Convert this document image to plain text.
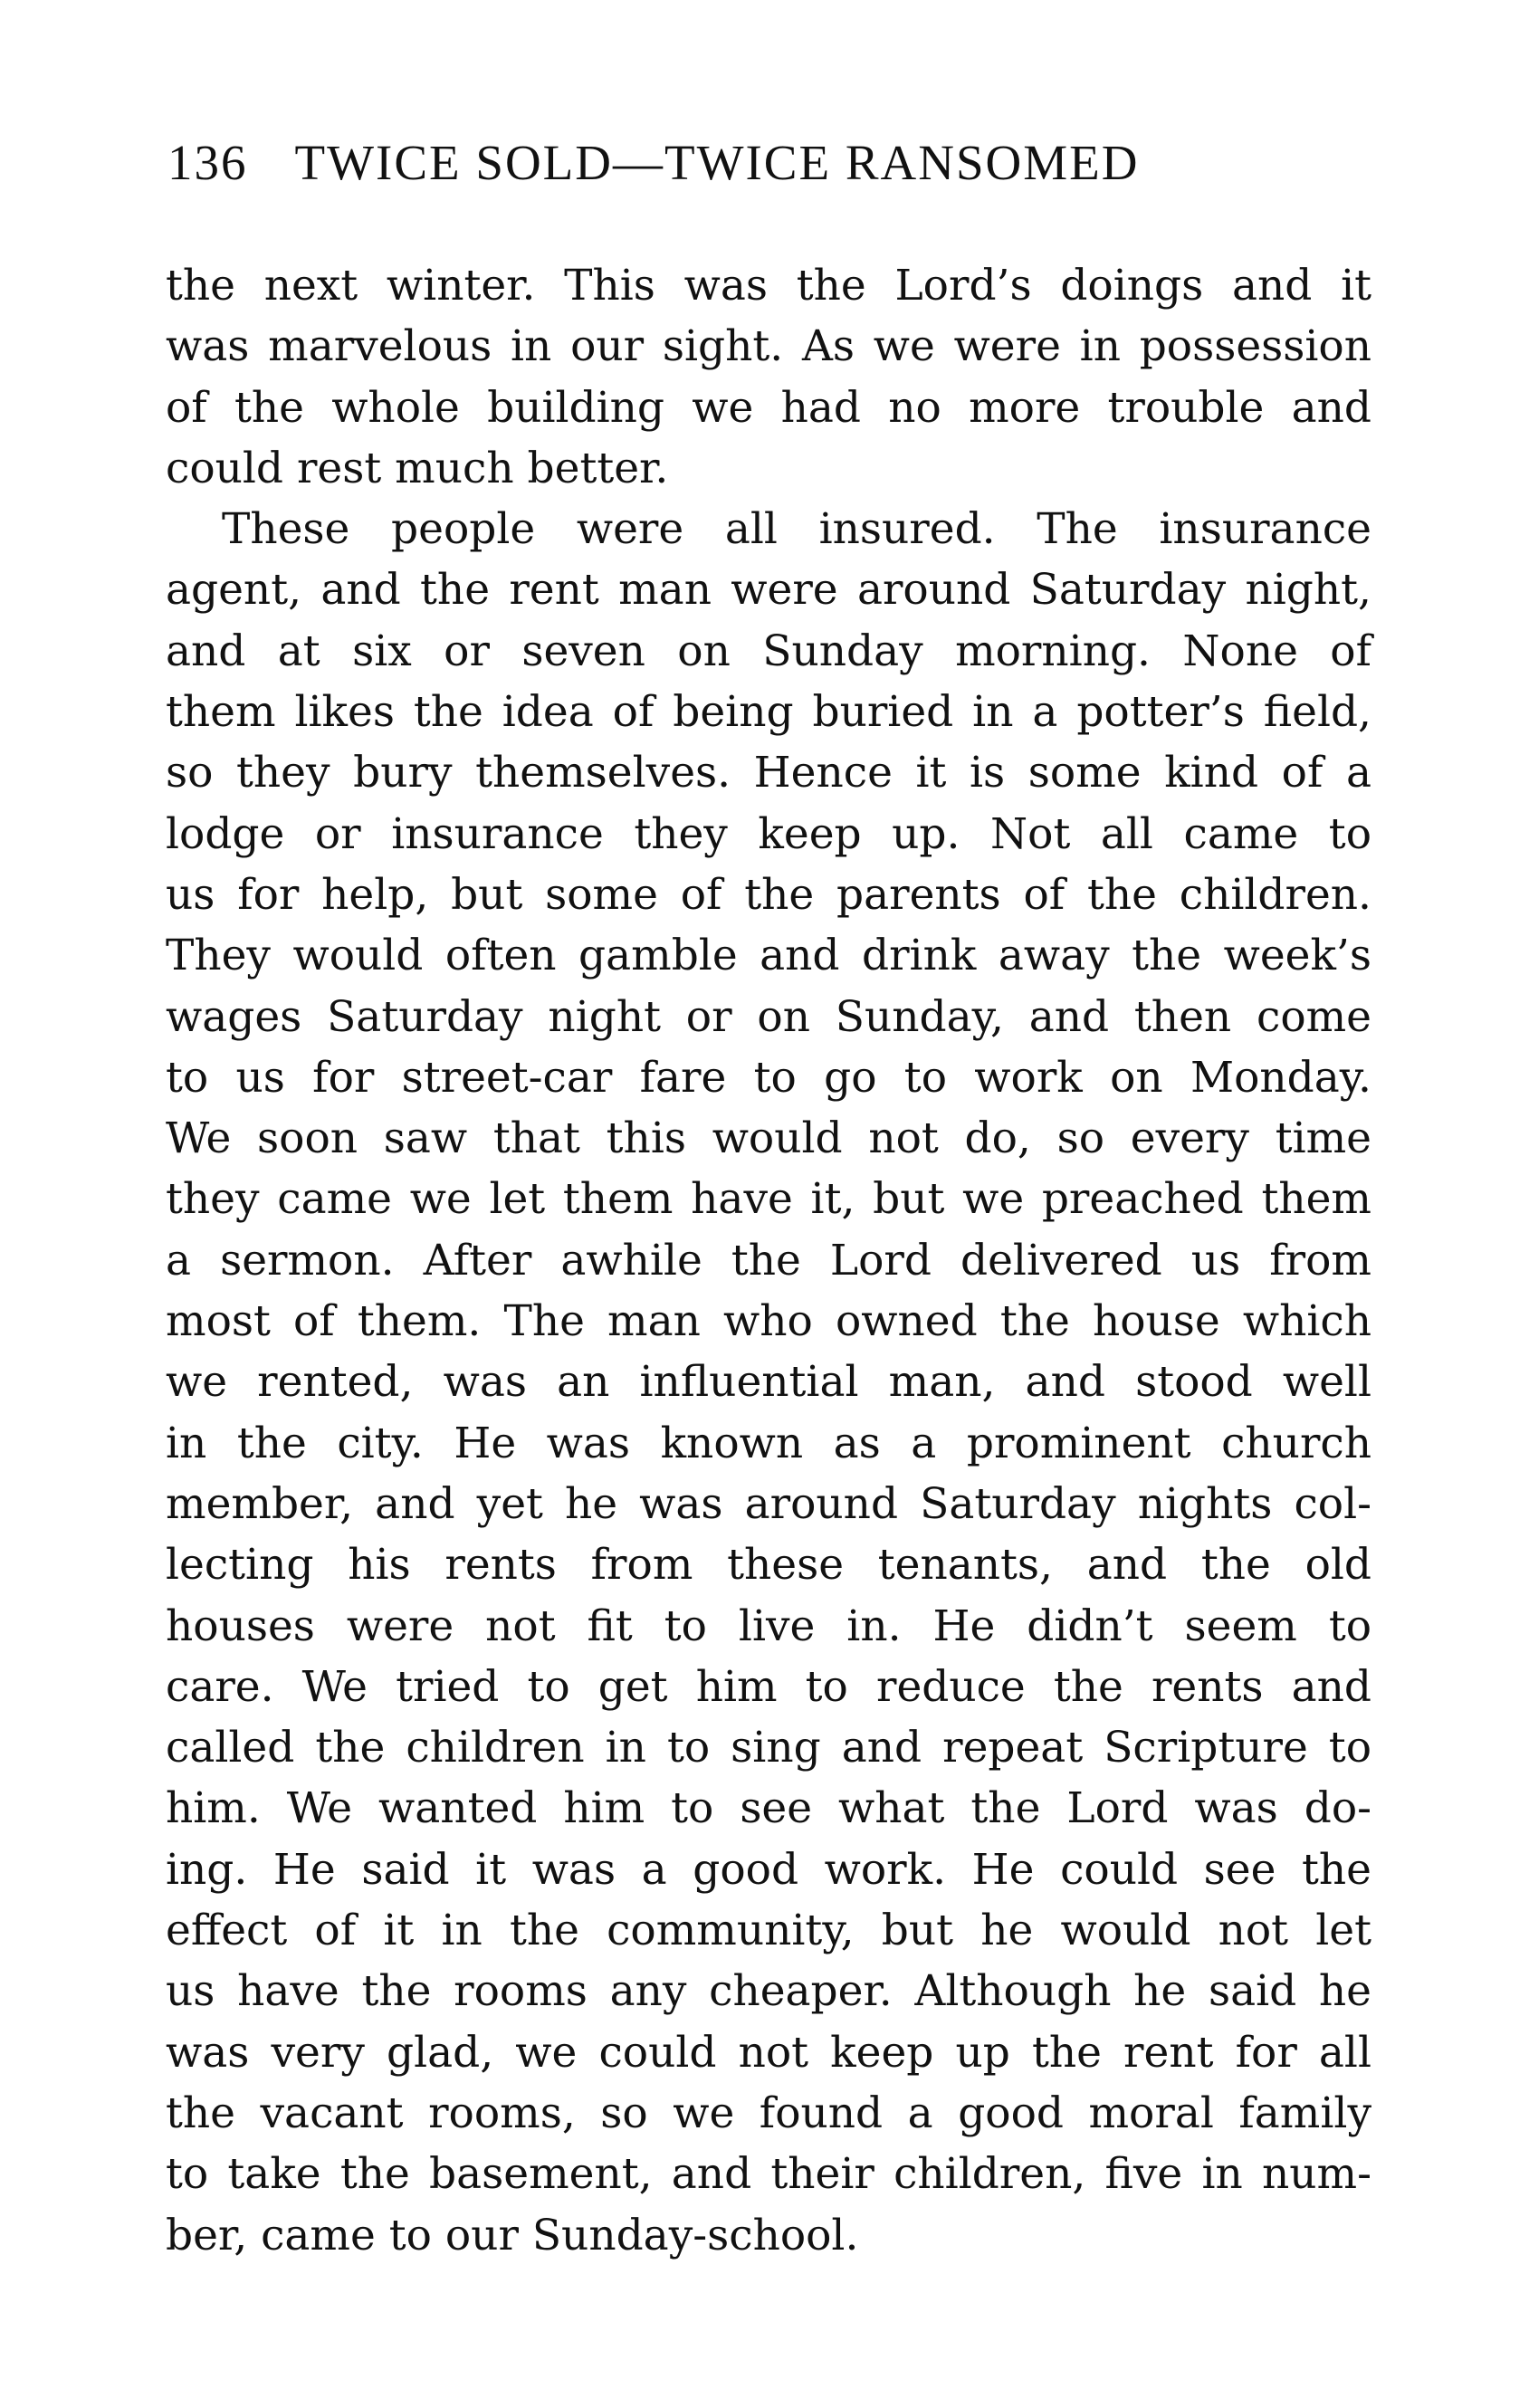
136 TWICE SOLD—TWICE RANSOMED
the next winter. This was the Lord’s doings and it
was marvelous in our sight. As we were in possession
of the whole building we had no more trouble and
could rest much better.
These people were all insured. The insurance
agent, and the rent man were around Saturday night,
and at six or seven on Sunday morning. None of
them likes the idea of being buried in a potter’s field,
so they bury themselves. Hence it is some kind of a
lodge or insurance they keep up. Not all came to
us for help, but some of the parents of the children.
They would often gamble and drink away the week’s
wages Saturday night or on Sunday, and then come
to us for street-car fare to go to work on Monday.
We soon saw that this would not do, so every time
they came we let them have it, but we preached them
a sermon. After awhile the Lord delivered us from
most of them. The man who owned the house which
we rented, was an influential man, and stood well
in the city. He was known as a prominent church
member, and yet he was around Saturday nights col-
lecting his rents from these tenants, and the old
houses were not fit to live in. He didn’t seem to
care. We tried to get him to reduce the rents and
called the children in to sing and repeat Scripture to
him. We wanted him to see what the Lord was do-
ing. He said it was a good work. He could see the
effect of it in the community, but he would not let
us have the rooms any cheaper. Although he said he
was very glad, we could not keep up the rent for all
the vacant rooms, so we found a good moral family
to take the basement, and their children, five in num-
ber, came to our Sunday-school.
